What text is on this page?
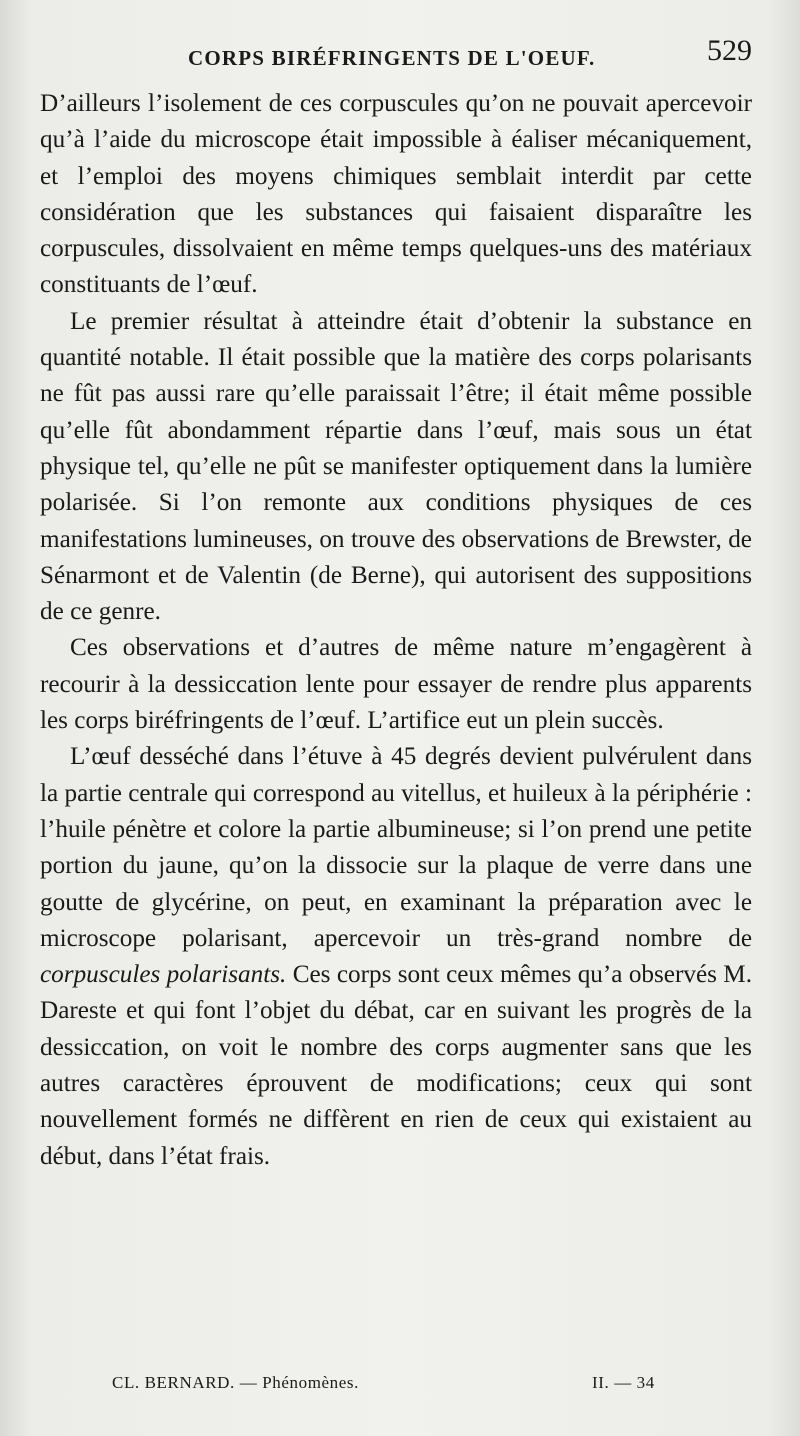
CORPS BIRÉFRINGENTS DE L'OEUF.	529

D’ailleurs l’isolement de ces corpuscules qu’on ne pouvait apercevoir qu’à l’aide du microscope était impossible à éaliser mécaniquement, et l’emploi des moyens chimiques semblait interdit par cette considération que les substances qui faisaient disparaître les corpuscules, dissolvaient en même temps quelques-uns des matériaux constituants de l’œuf.

Le premier résultat à atteindre était d’obtenir la substance en quantité notable. Il était possible que la matière des corps polarisants ne fût pas aussi rare qu’elle paraissait l’être; il était même possible qu’elle fût abondamment répartie dans l’œuf, mais sous un état physique tel, qu’elle ne pût se manifester optiquement dans la lumière polarisée. Si l’on remonte aux conditions physiques de ces manifestations lumineuses, on trouve des observations de Brewster, de Sénarmont et de Valentin (de Berne), qui autorisent des suppositions de ce genre.

Ces observations et d’autres de même nature m’engagèrent à recourir à la dessiccation lente pour essayer de rendre plus apparents les corps biréfringents de l’œuf. L’artifice eut un plein succès.

L’œuf desséché dans l’étuve à 45 degrés devient pulvérulent dans la partie centrale qui correspond au vitellus, et huileux à la périphérie : l’huile pénètre et colore la partie albumineuse; si l’on prend une petite portion du jaune, qu’on la dissocie sur la plaque de verre dans une goutte de glycérine, on peut, en examinant la préparation avec le microscope polarisant, apercevoir un très-grand nombre de corpuscules polarisants. Ces corps sont ceux mêmes qu’a observés M. Dareste et qui font l’objet du débat, car en suivant les progrès de la dessiccation, on voit le nombre des corps augmenter sans que les autres caractères éprouvent de modifications; ceux qui sont nouvellement formés ne diffèrent en rien de ceux qui existaient au début, dans l’état frais.

CL. BERNARD. — Phénomènes.	II. — 34
